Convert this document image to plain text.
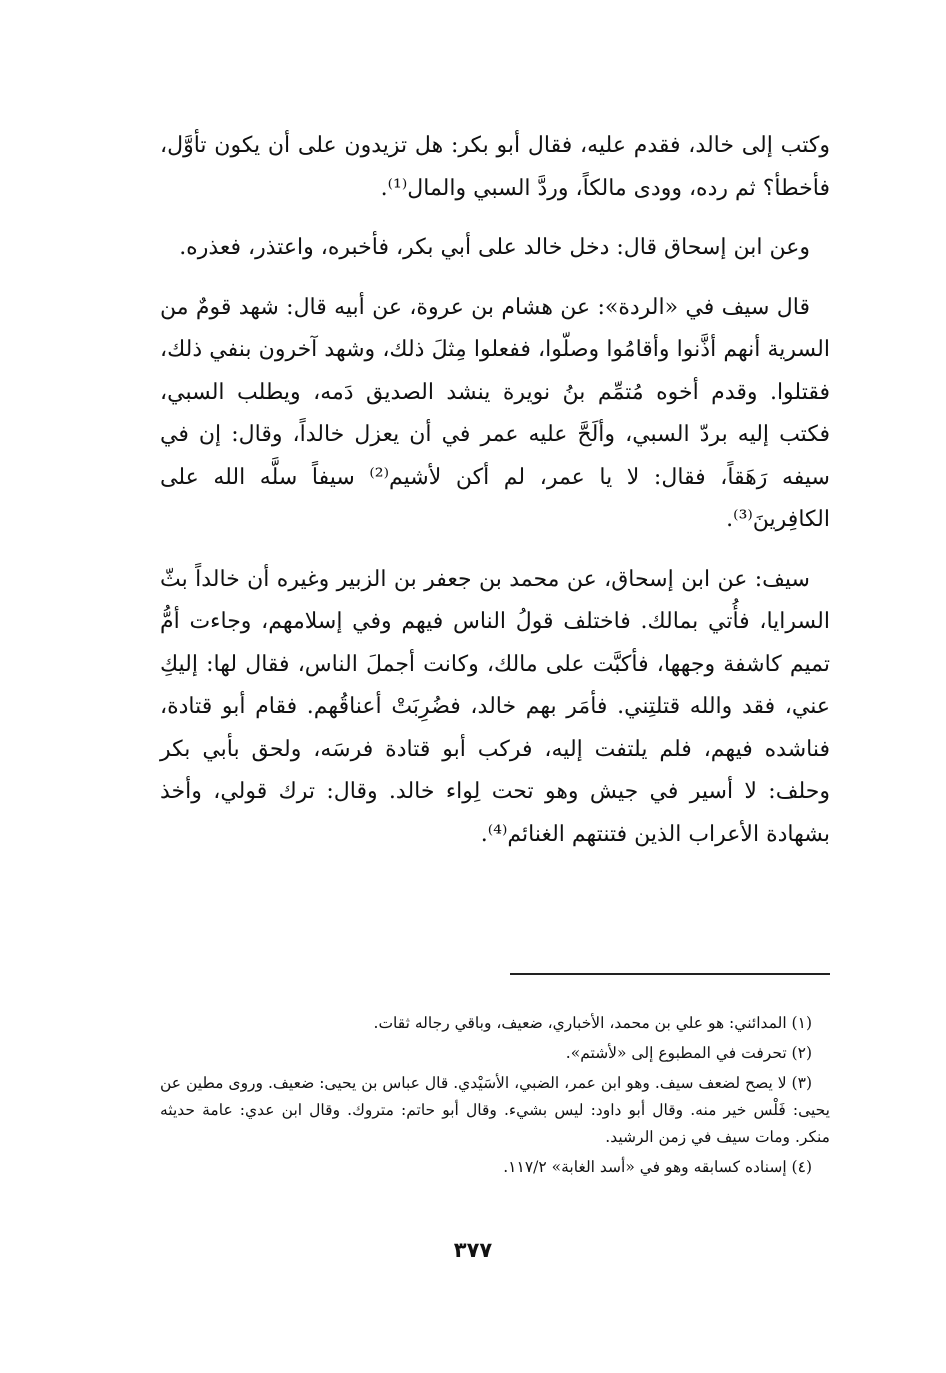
وكتب إلى خالد، فقدم عليه، فقال أبو بكر: هل تزيدون على أن يكون تأوَّل، فأخطأ؟ ثم رده، وودى مالكاً، وردَّ السبي والمال⁽¹⁾.

وعن ابن إسحاق قال: دخل خالد على أبي بكر، فأخبره، واعتذر، فعذره.

قال سيف في «الردة»: عن هشام بن عروة، عن أبيه قال: شهد قومٌ من السرية أنهم أذَّنوا وأقامُوا وصلّوا، ففعلوا مِثلَ ذلك، وشهد آخرون بنفي ذلك، فقتلوا. وقدم أخوه مُتمِّم بنُ نويرة ينشد الصديق دَمه، ويطلب السبي، فكتب إليه بردّ السبي، وألَحَّ عليه عمر في أن يعزل خالداً، وقال: إن في سيفه رَهَقاً، فقال: لا يا عمر، لم أكن لأشيم⁽²⁾ سيفاً سلَّه الله على الكافِرينَ⁽³⁾.

سيف: عن ابن إسحاق، عن محمد بن جعفر بن الزبير وغيره أن خالداً بثّ السرايا، فأُتي بمالك. فاختلف قولُ الناس فيهم وفي إسلامهم، وجاءت أمُّ تميم كاشفة وجهها، فأكبَّت على مالك، وكانت أجملَ الناس، فقال لها: إليكِ عني، فقد والله قتلتِني. فأمَر بهم خالد، فضُرِبَتْ أعناقُهم. فقام أبو قتادة، فناشده فيهم، فلم يلتفت إليه، فركب أبو قتادة فرسَه، ولحق بأبي بكر وحلف: لا أسير في جيش وهو تحت لِواء خالد. وقال: ترك قولي، وأخذ بشهادة الأعراب الذين فتنتهم الغنائم⁽⁴⁾.

(١) المدائني: هو علي بن محمد، الأخباري، ضعيف، وباقي رجاله ثقات.

(٢) تحرفت في المطبوع إلى «لأشتم».

(٣) لا يصح لضعف سيف. وهو ابن عمر، الضبي، الأسَيْدي. قال عباس بن يحيى: ضعيف. وروى مطين عن يحيى: فَلْس خير منه. وقال أبو داود: ليس بشيء. وقال أبو حاتم: متروك. وقال ابن عدي: عامة حديثه منكر. ومات سيف في زمن الرشيد.

(٤) إسناده كسابقه وهو في «أسد الغابة» ١١٧/٢.

٣٧٧
